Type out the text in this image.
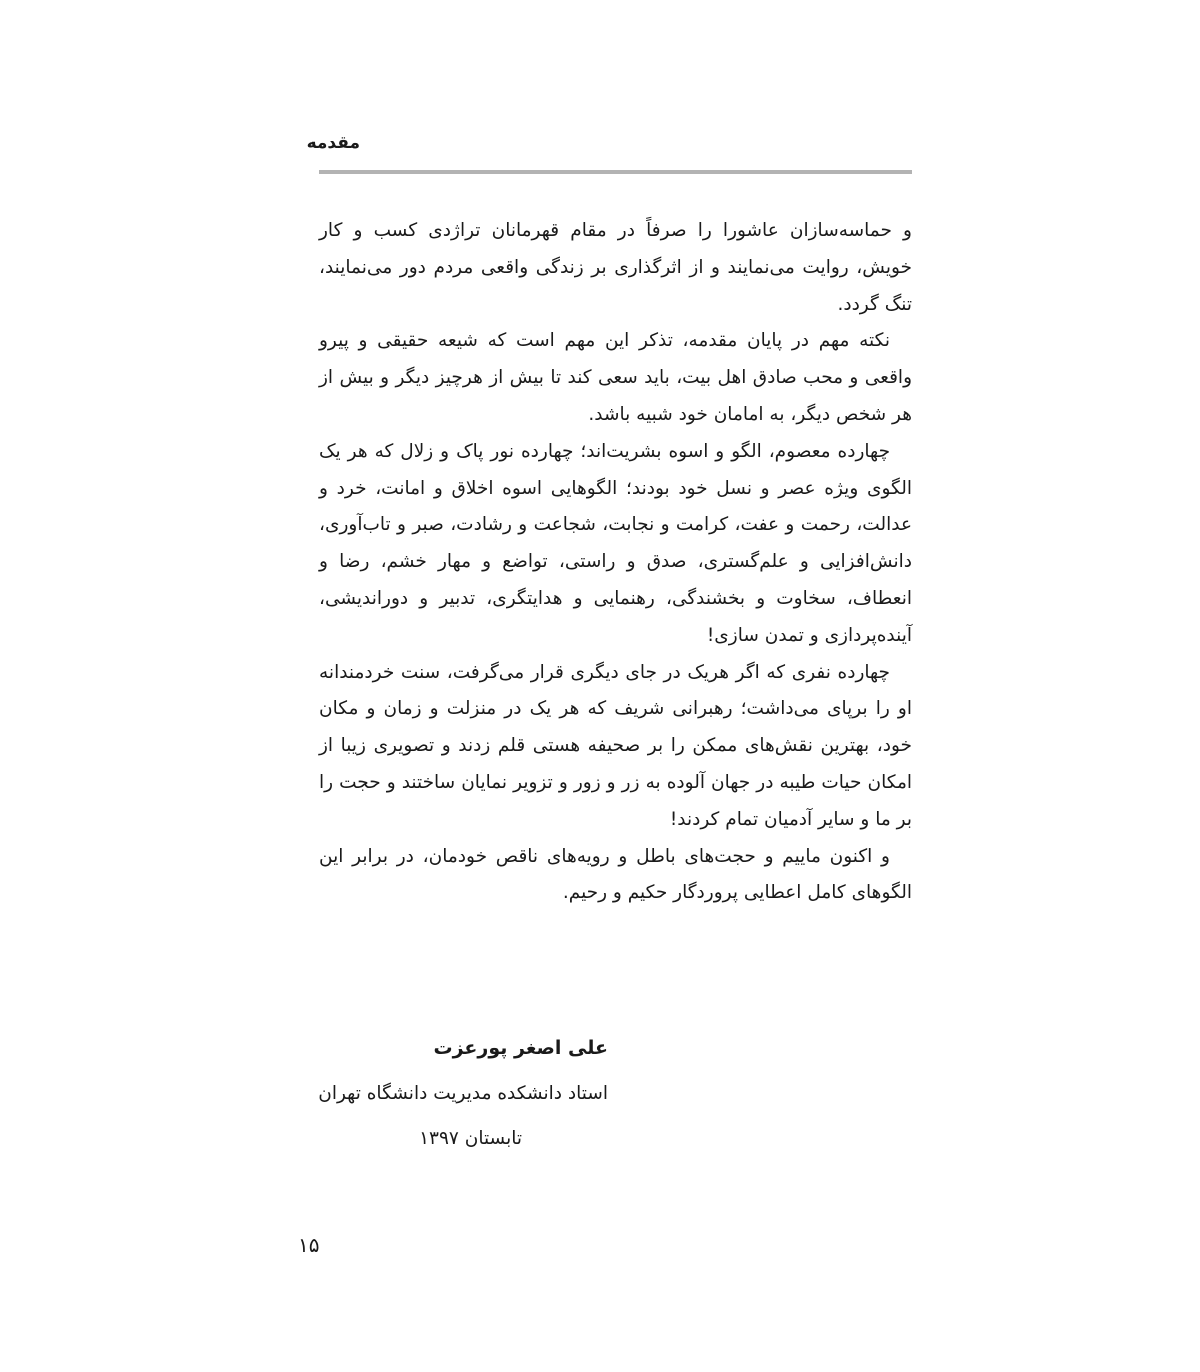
مقدمه

و حماسه‌سازان عاشورا را صرفاً در مقام قهرمانان تراژدی کسب و کار خویش، روایت می‌نمایند و از اثرگذاری بر زندگی واقعی مردم دور می‌نمایند، تنگ گردد.

نکته مهم در پایان مقدمه، تذکر این مهم است که شیعه حقیقی و پیرو واقعی و محب صادق اهل بیت، باید سعی کند تا بیش از هرچیز دیگر و بیش از هر شخص دیگر، به امامان خود شبیه باشد.

چهارده معصوم، الگو و اسوه بشریت‌اند؛ چهارده نور پاک و زلال که هر یک الگوی ویژه عصر و نسل خود بودند؛ الگوهایی اسوه اخلاق و امانت، خرد و عدالت، رحمت و عفت، کرامت و نجابت، شجاعت و رشادت، صبر و تاب‌آوری، دانش‌افزایی و علم‌گستری، صدق و راستی، تواضع و مهار خشم، رضا و انعطاف، سخاوت و بخشندگی، رهنمایی و هدایتگری، تدبیر و دوراندیشی، آینده‌پردازی و تمدن سازی!

چهارده نفری که اگر هریک در جای دیگری قرار می‌گرفت، سنت خردمندانه او را برپای می‌داشت؛ رهبرانی شریف که هر یک در منزلت و زمان و مکان خود، بهترین نقش‌های ممکن را بر صحیفه هستی قلم زدند و تصویری زیبا از امکان حیات طیبه در جهان آلوده به زر و زور و تزویر نمایان ساختند و حجت را بر ما و سایر آدمیان تمام کردند!

و اکنون ماییم و حجت‌های باطل و رویه‌های ناقص خودمان، در برابر این الگوهای کامل اعطایی پروردگار حکیم و رحیم.

علی اصغر پورعزت
استاد دانشکده مدیریت دانشگاه تهران
تابستان ۱۳۹۷
۱۵
